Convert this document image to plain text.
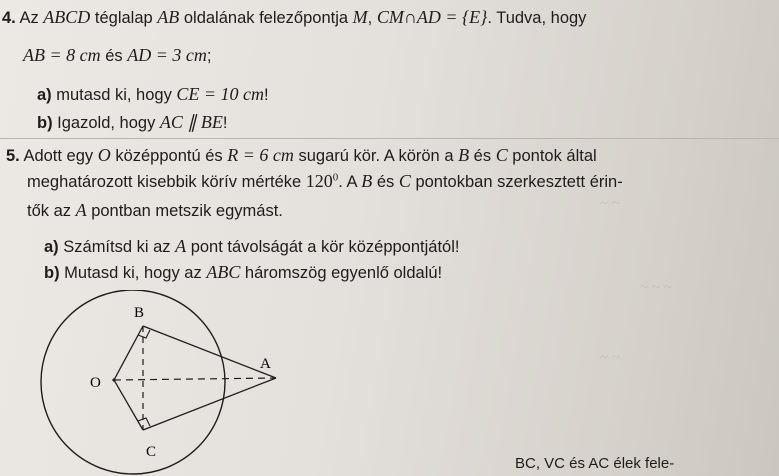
4. Az ABCD téglalap AB oldalának felezőpontja M, CM∩AD = {E}. Tudva, hogy
AB = 8 cm és AD = 3 cm;
a) mutasd ki, hogy CE = 10 cm!
b) Igazold, hogy AC ∥ BE!
5. Adott egy O középpontú és R = 6 cm sugarú kör. A körön a B és C pontok által
meghatározott kisebbik körív mértéke $120^0$. A B és C pontokban szerkesztett érin-
tők az A pontban metszik egymást.
a) Számítsd ki az A pont távolságát a kör középpontjától!
b) Mutasd ki, hogy az ABC háromszög egyenlő oldalú!
B
O
A
C
~ ~
~ ~ ~
~ ~
BC, VC és AC élek fele-
